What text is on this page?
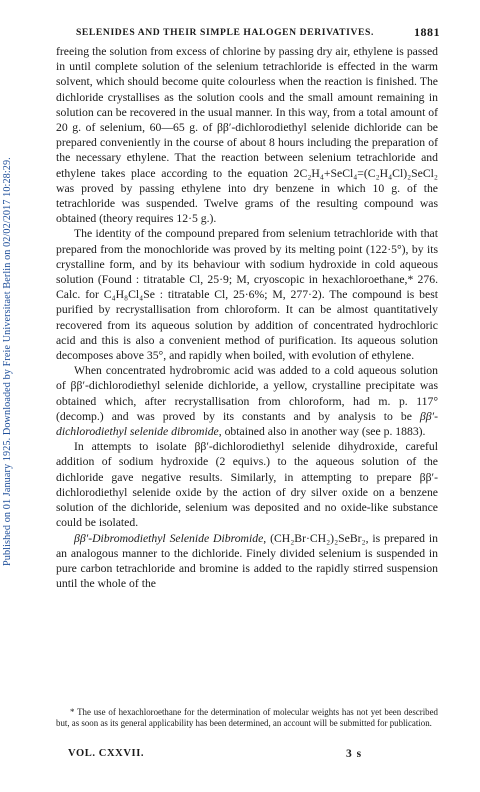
Published on 01 January 1925. Downloaded by Freie Universitaet Berlin on 02/02/2017 10:28:29.
SELENIDES AND THEIR SIMPLE HALOGEN DERIVATIVES.	1881

freeing the solution from excess of chlorine by passing dry air, ethylene is passed in until complete solution of the selenium tetrachloride is effected in the warm solvent, which should become quite colourless when the reaction is finished. The dichloride crystallises as the solution cools and the small amount remaining in solution can be recovered in the usual manner. In this way, from a total amount of 20 g. of selenium, 60—65 g. of ββ′-dichlorodiethyl selenide dichloride can be prepared conveniently in the course of about 8 hours including the preparation of the necessary ethylene. That the reaction between selenium tetrachloride and ethylene takes place according to the equation 2C₂H₄+SeCl₄=(C₂H₄Cl)₂SeCl₂ was proved by passing ethylene into dry benzene in which 10 g. of the tetrachloride was suspended. Twelve grams of the resulting compound was obtained (theory requires 12·5 g.).

The identity of the compound prepared from selenium tetrachloride with that prepared from the monochloride was proved by its melting point (122·5°), by its crystalline form, and by its behaviour with sodium hydroxide in cold aqueous solution (Found : titratable Cl, 25·9; M, cryoscopic in hexachloroethane,* 276. Calc. for C₄H₈Cl₄Se : titratable Cl, 25·6%; M, 277·2). The compound is best purified by recrystallisation from chloroform. It can be almost quantitatively recovered from its aqueous solution by addition of concentrated hydrochloric acid and this is also a convenient method of purification. Its aqueous solution decomposes above 35°, and rapidly when boiled, with evolution of ethylene.

When concentrated hydrobromic acid was added to a cold aqueous solution of ββ′-dichlorodiethyl selenide dichloride, a yellow, crystalline precipitate was obtained which, after recrystallisation from chloroform, had m. p. 117° (decomp.) and was proved by its constants and by analysis to be ββ′-dichlorodiethyl selenide dibromide, obtained also in another way (see p. 1883).

In attempts to isolate ββ′-dichlorodiethyl selenide dihydroxide, careful addition of sodium hydroxide (2 equivs.) to the aqueous solution of the dichloride gave negative results. Similarly, in attempting to prepare ββ′-dichlorodiethyl selenide oxide by the action of dry silver oxide on a benzene solution of the dichloride, selenium was deposited and no oxide-like substance could be isolated.

ββ′-Dibromodiethyl Selenide Dibromide, (CH₂Br·CH₂)₂SeBr₂, is prepared in an analogous manner to the dichloride. Finely divided selenium is suspended in pure carbon tetrachloride and bromine is added to the rapidly stirred suspension until the whole of the

* The use of hexachloroethane for the determination of molecular weights has not yet been described but, as soon as its general applicability has been determined, an account will be submitted for publication.

VOL. CXXVII.	3 s
